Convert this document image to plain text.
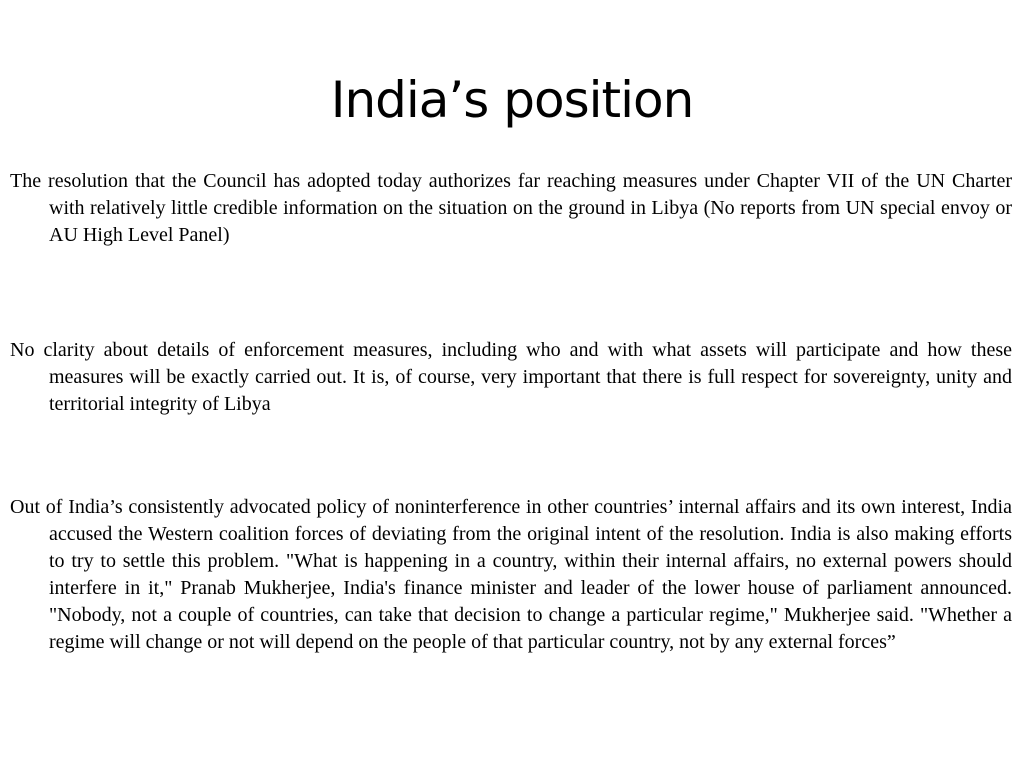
India’s position

The resolution that the Council has adopted today authorizes far reaching measures under Chapter VII of the UN Charter with relatively little credible information on the situation on the ground in Libya (No reports from UN special envoy or AU High Level Panel)

No clarity about details of enforcement measures, including who and with what assets will participate and how these measures will be exactly carried out. It is, of course, very important that there is full respect for sovereignty, unity and territorial integrity of Libya

Out of India’s consistently advocated policy of noninterference in other countries’ internal affairs and its own interest, India accused the Western coalition forces of deviating from the original intent of the resolution. India is also making efforts to try to settle this problem. "What is happening in a country, within their internal affairs, no external powers should interfere in it," Pranab Mukherjee, India's finance minister and leader of the lower house of parliament announced. "Nobody, not a couple of countries, can take that decision to change a particular regime," Mukherjee said. "Whether a regime will change or not will depend on the people of that particular country, not by any external forces”
